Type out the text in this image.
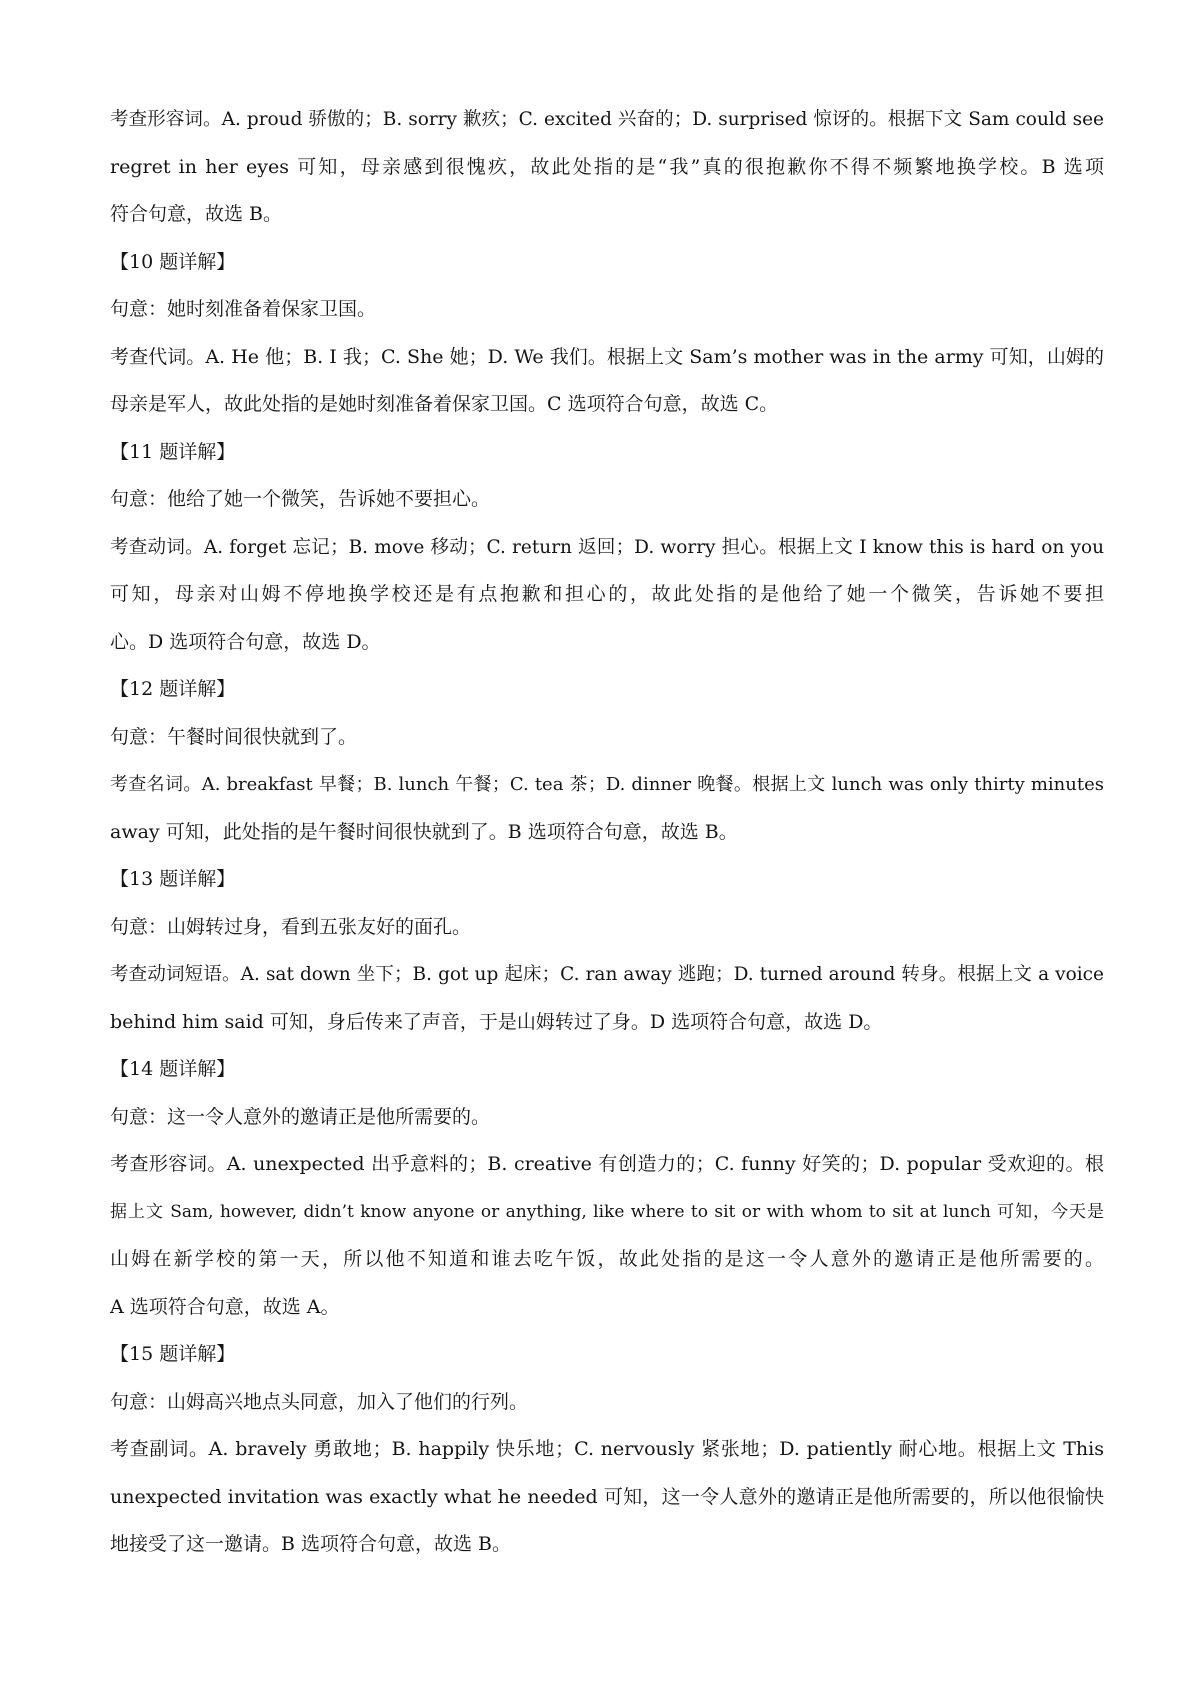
考查形容词。A. proud 骄傲的；B. sorry 歉疚；C. excited 兴奋的；D. surprised 惊讶的。根据下文 Sam could see

regret in her eyes 可知，母亲感到很愧疚，故此处指的是“我”真的很抱歉你不得不频繁地换学校。B 选项

符合句意，故选 B。

【10 题详解】

句意：她时刻准备着保家卫国。

考查代词。A. He 他；B. I 我；C. She 她；D. We 我们。根据上文 Sam’s mother was in the army 可知，山姆的

母亲是军人，故此处指的是她时刻准备着保家卫国。C 选项符合句意，故选 C。

【11 题详解】

句意：他给了她一个微笑，告诉她不要担心。

考查动词。A. forget 忘记；B. move 移动；C. return 返回；D. worry 担心。根据上文 I know this is hard on you

可知，母亲对山姆不停地换学校还是有点抱歉和担心的，故此处指的是他给了她一个微笑，告诉她不要担

心。D 选项符合句意，故选 D。

【12 题详解】

句意：午餐时间很快就到了。

考查名词。A. breakfast 早餐；B. lunch 午餐；C. tea 茶；D. dinner 晚餐。根据上文 lunch was only thirty minutes

away 可知，此处指的是午餐时间很快就到了。B 选项符合句意，故选 B。

【13 题详解】

句意：山姆转过身，看到五张友好的面孔。

考查动词短语。A. sat down 坐下；B. got up 起床；C. ran away 逃跑；D. turned around 转身。根据上文 a voice

behind him said 可知，身后传来了声音，于是山姆转过了身。D 选项符合句意，故选 D。

【14 题详解】

句意：这一令人意外的邀请正是他所需要的。

考查形容词。A. unexpected 出乎意料的；B. creative 有创造力的；C. funny 好笑的；D. popular 受欢迎的。根

据上文 Sam, however, didn’t know anyone or anything, like where to sit or with whom to sit at lunch 可知，今天是

山姆在新学校的第一天，所以他不知道和谁去吃午饭，故此处指的是这一令人意外的邀请正是他所需要的。

A 选项符合句意，故选 A。

【15 题详解】

句意：山姆高兴地点头同意，加入了他们的行列。

考查副词。A. bravely 勇敢地；B. happily 快乐地；C. nervously 紧张地；D. patiently 耐心地。根据上文 This

unexpected invitation was exactly what he needed 可知，这一令人意外的邀请正是他所需要的，所以他很愉快

地接受了这一邀请。B 选项符合句意，故选 B。
